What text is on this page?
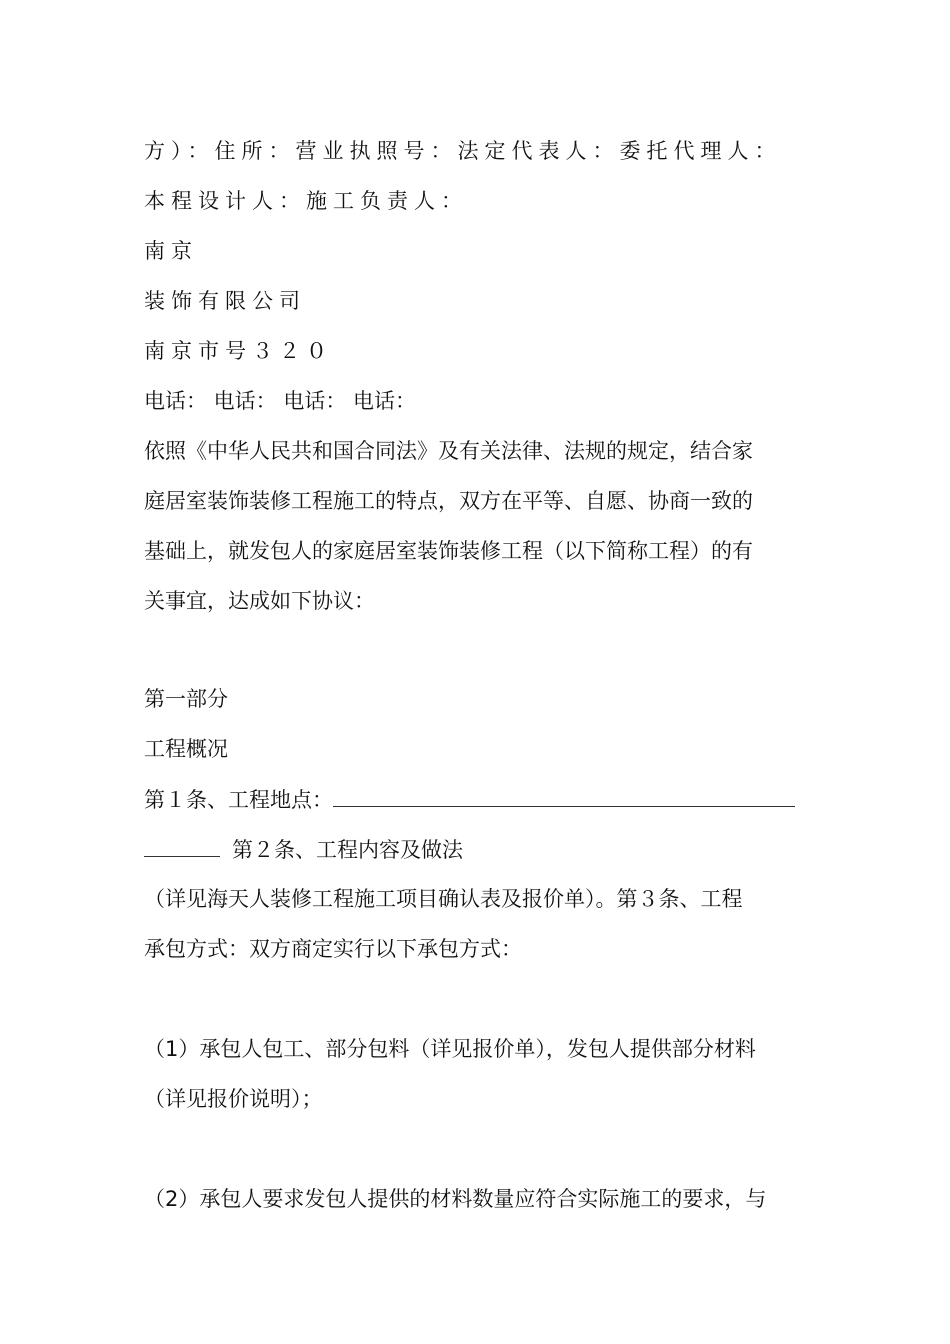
方）：住所：营业执照号：法定代表人：委托代理人：
本程设计人：施工负责人：
南京
装饰有限公司
南京市号３２０
电话： 电话： 电话： 电话：
依照《中华人民共和国合同法》及有关法律、法规的规定，结合家
庭居室装饰装修工程施工的特点，双方在平等、自愿、协商一致的
基础上，就发包人的家庭居室装饰装修工程（以下简称工程）的有
关事宜，达成如下协议：
第一部分
工程概况
第１条、工程地点：
第２条、工程内容及做法
（详见海天人装修工程施工项目确认表及报价单）。第３条、工程
承包方式：双方商定实行以下承包方式：
（1）承包人包工、部分包料（详见报价单），发包人提供部分材料
（详见报价说明）；
（2）承包人要求发包人提供的材料数量应符合实际施工的要求，与
